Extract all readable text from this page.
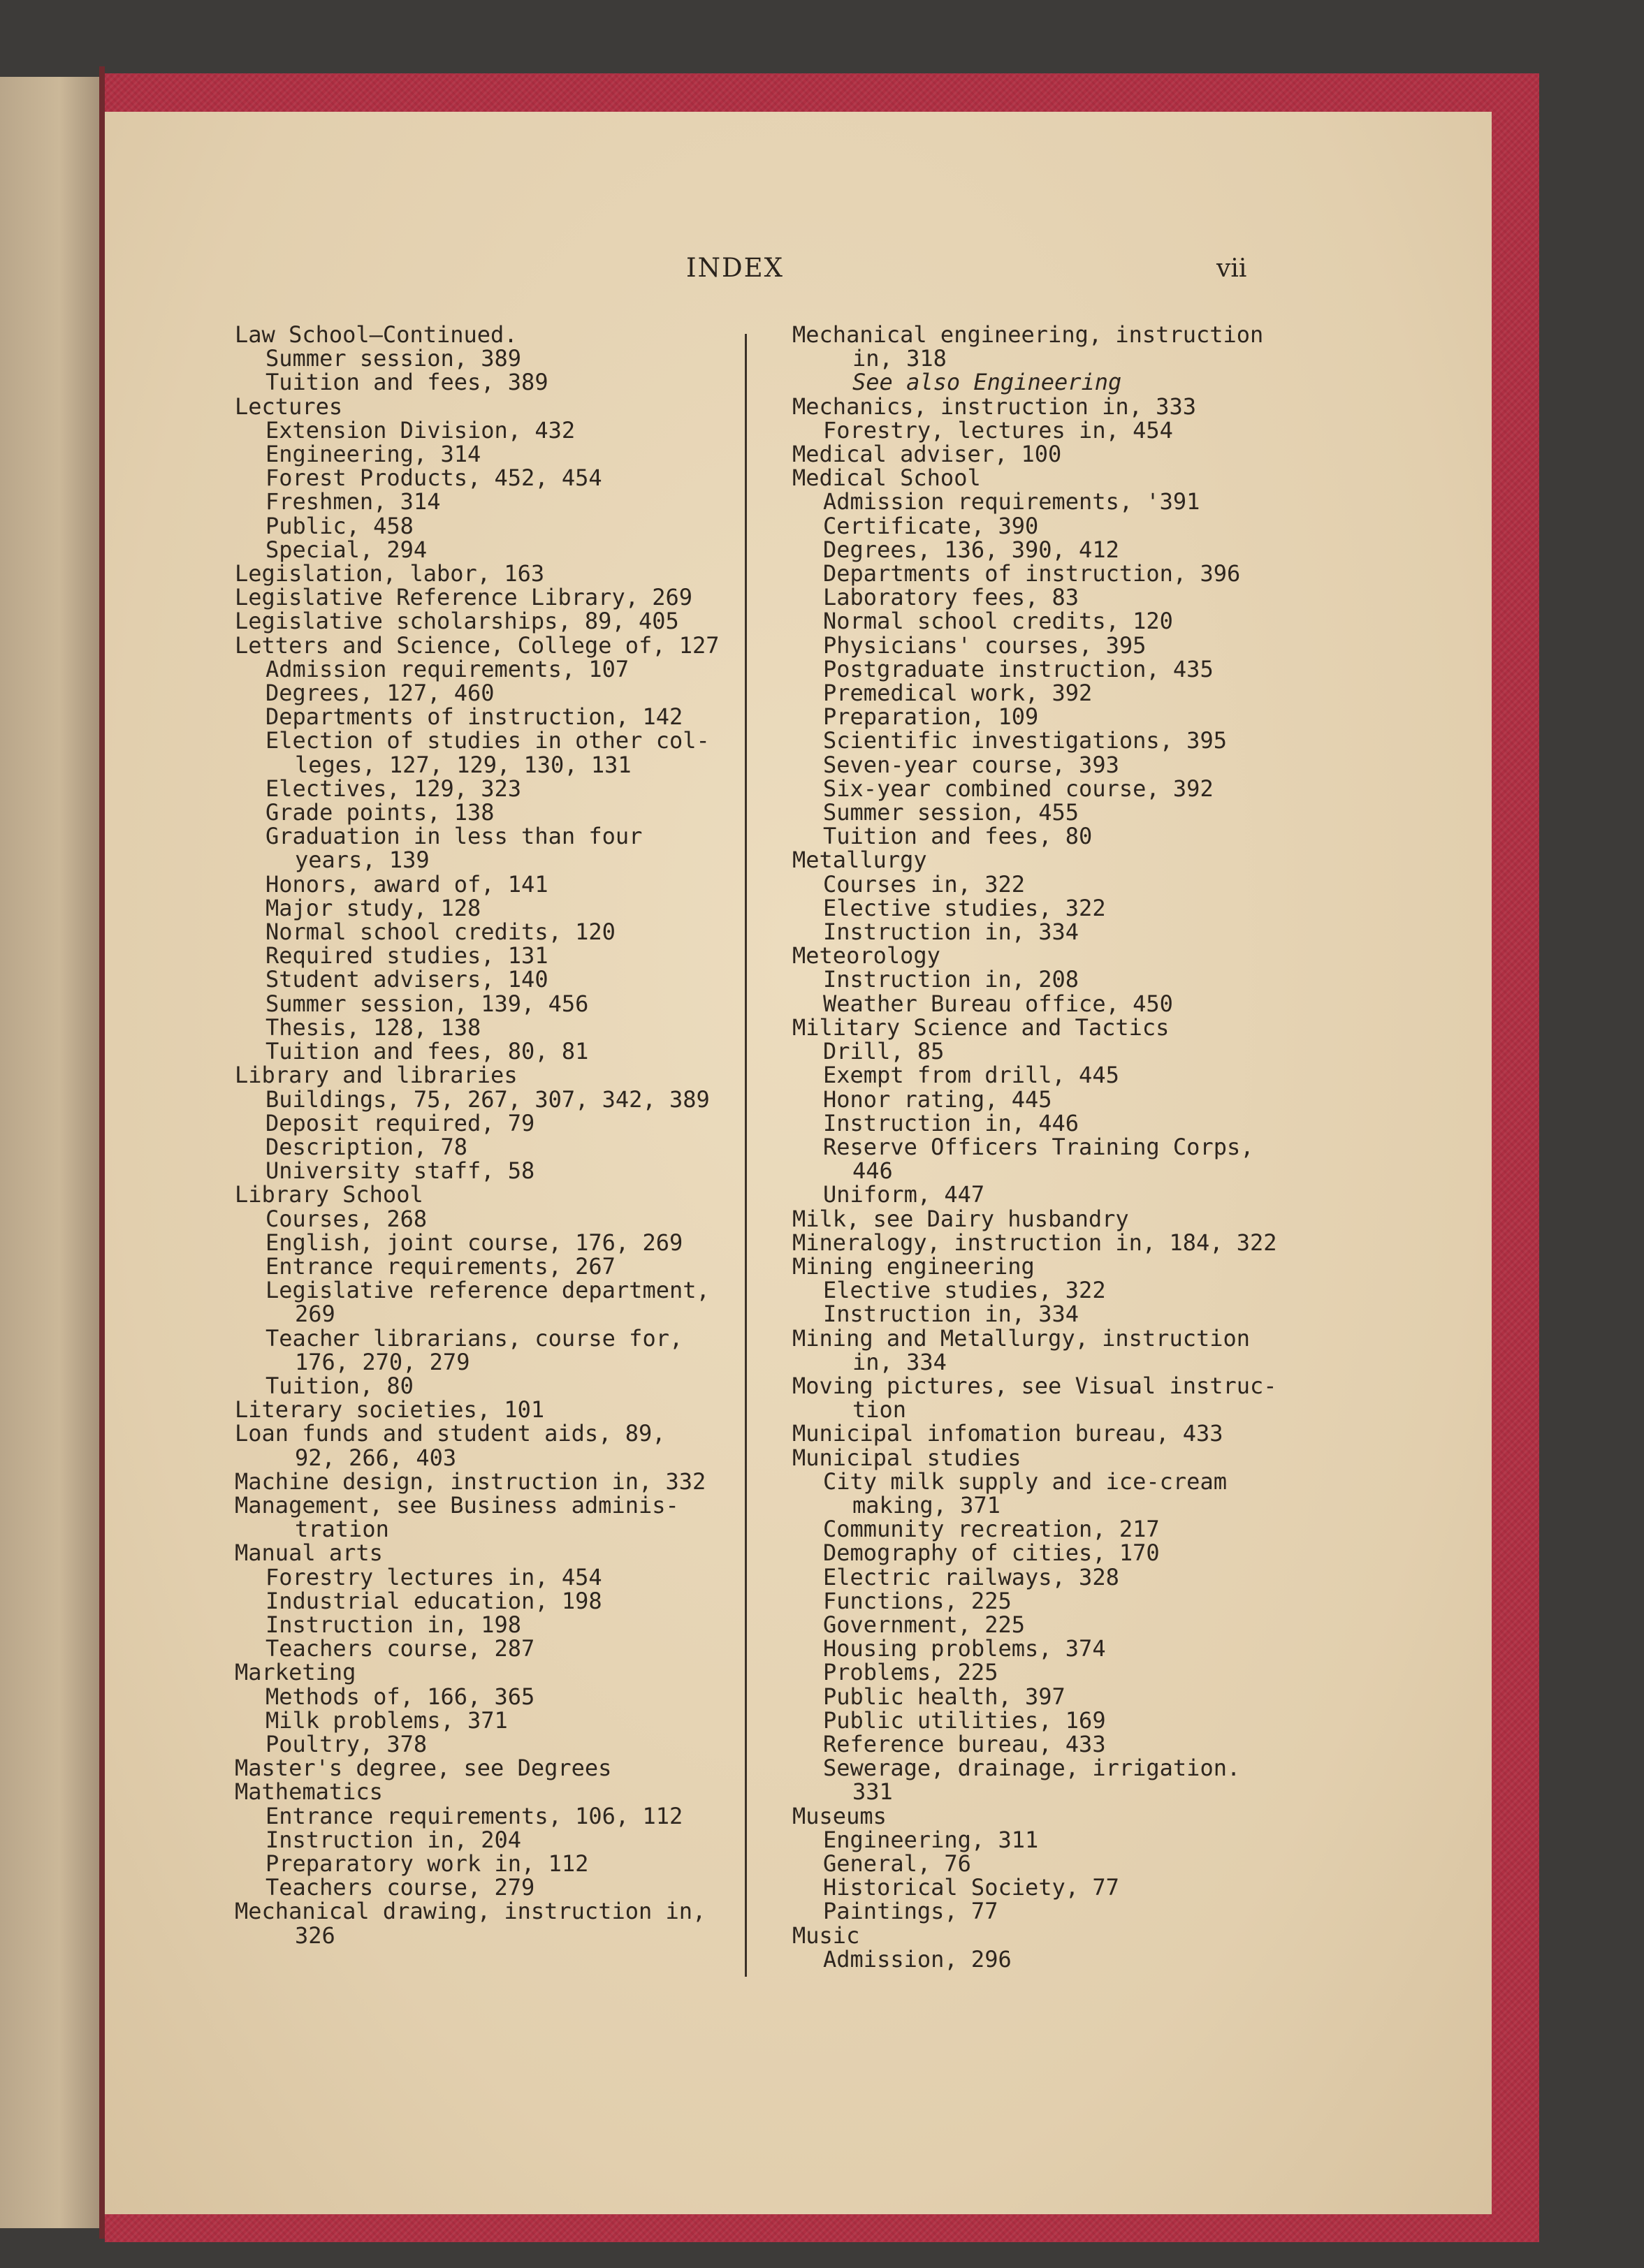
INDEX	vii
Law School—Continued.
Summer session, 389
Tuition and fees, 389
Lectures
Extension Division, 432
Engineering, 314
Forest Products, 452, 454
Freshmen, 314
Public, 458
Special, 294
Legislation, labor, 163
Legislative Reference Library, 269
Legislative scholarships, 89, 405
Letters and Science, College of, 127
Admission requirements, 107
Degrees, 127, 460
Departments of instruction, 142
Election of studies in other col-
leges, 127, 129, 130, 131
Electives, 129, 323
Grade points, 138
Graduation in less than four
years, 139
Honors, award of, 141
Major study, 128
Normal school credits, 120
Required studies, 131
Student advisers, 140
Summer session, 139, 456
Thesis, 128, 138
Tuition and fees, 80, 81
Library and libraries
Buildings, 75, 267, 307, 342, 389
Deposit required, 79
Description, 78
University staff, 58
Library School
Courses, 268
English, joint course, 176, 269
Entrance requirements, 267
Legislative reference department,
269
Teacher librarians, course for,
176, 270, 279
Tuition, 80
Literary societies, 101
Loan funds and student aids, 89,
92, 266, 403
Machine design, instruction in, 332
Management, see Business adminis-
tration
Manual arts
Forestry lectures in, 454
Industrial education, 198
Instruction in, 198
Teachers course, 287
Marketing
Methods of, 166, 365
Milk problems, 371
Poultry, 378
Master's degree, see Degrees
Mathematics
Entrance requirements, 106, 112
Instruction in, 204
Preparatory work in, 112
Teachers course, 279
Mechanical drawing, instruction in,
326
Mechanical engineering, instruction
in, 318
See also Engineering
Mechanics, instruction in, 333
Forestry, lectures in, 454
Medical adviser, 100
Medical School
Admission requirements, '391
Certificate, 390
Degrees, 136, 390, 412
Departments of instruction, 396
Laboratory fees, 83
Normal school credits, 120
Physicians' courses, 395
Postgraduate instruction, 435
Premedical work, 392
Preparation, 109
Scientific investigations, 395
Seven-year course, 393
Six-year combined course, 392
Summer session, 455
Tuition and fees, 80
Metallurgy
Courses in, 322
Elective studies, 322
Instruction in, 334
Meteorology
Instruction in, 208
Weather Bureau office, 450
Military Science and Tactics
Drill, 85
Exempt from drill, 445
Honor rating, 445
Instruction in, 446
Reserve Officers Training Corps,
446
Uniform, 447
Milk, see Dairy husbandry
Mineralogy, instruction in, 184, 322
Mining engineering
Elective studies, 322
Instruction in, 334
Mining and Metallurgy, instruction
in, 334
Moving pictures, see Visual instruc-
tion
Municipal infomation bureau, 433
Municipal studies
City milk supply and ice-cream
making, 371
Community recreation, 217
Demography of cities, 170
Electric railways, 328
Functions, 225
Government, 225
Housing problems, 374
Problems, 225
Public health, 397
Public utilities, 169
Reference bureau, 433
Sewerage, drainage, irrigation.
331
Museums
Engineering, 311
General, 76
Historical Society, 77
Paintings, 77
Music
Admission, 296
